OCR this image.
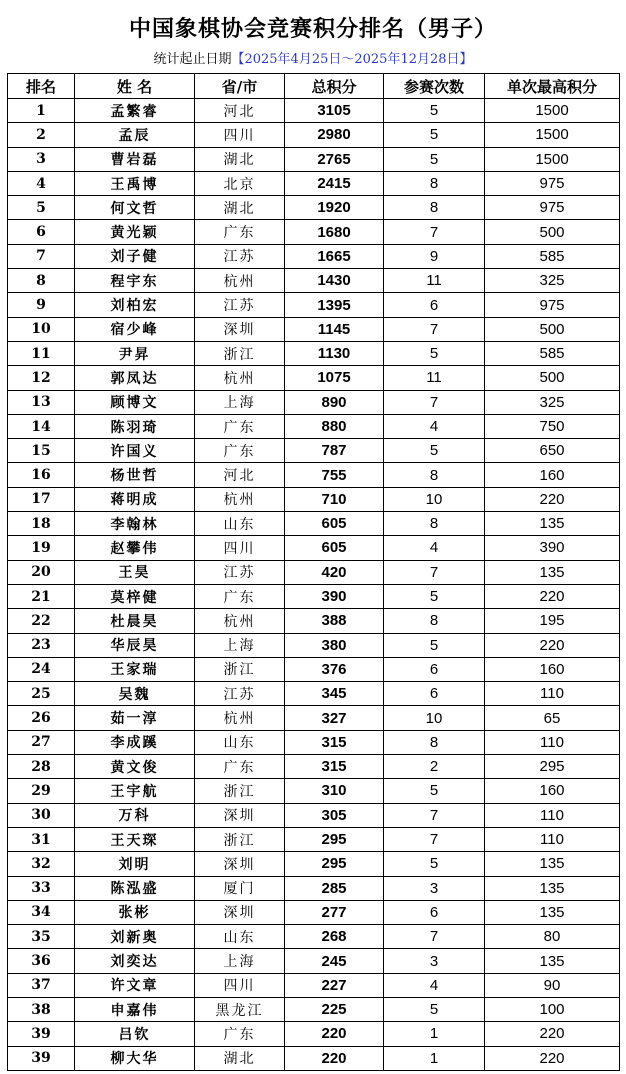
中国象棋协会竞赛积分排名（男子）
统计起止日期【2025年4月25日～2025年12月28日】
排名	姓 名	省/市	总积分	参赛次数	单次最高积分
1	孟繁睿	河北	3105	5	1500
2	孟辰	四川	2980	5	1500
3	曹岩磊	湖北	2765	5	1500
4	王禹博	北京	2415	8	975
5	何文哲	湖北	1920	8	975
6	黄光颖	广东	1680	7	500
7	刘子健	江苏	1665	9	585
8	程宇东	杭州	1430	11	325
9	刘柏宏	江苏	1395	6	975
10	宿少峰	深圳	1145	7	500
11	尹昇	浙江	1130	5	585
12	郭凤达	杭州	1075	11	500
13	顾博文	上海	890	7	325
14	陈羽琦	广东	880	4	750
15	许国义	广东	787	5	650
16	杨世哲	河北	755	8	160
17	蒋明成	杭州	710	10	220
18	李翰林	山东	605	8	135
19	赵攀伟	四川	605	4	390
20	王昊	江苏	420	7	135
21	莫梓健	广东	390	5	220
22	杜晨昊	杭州	388	8	195
23	华辰昊	上海	380	5	220
24	王家瑞	浙江	376	6	160
25	吴魏	江苏	345	6	110
26	茹一淳	杭州	327	10	65
27	李成蹊	山东	315	8	110
28	黄文俊	广东	315	2	295
29	王宇航	浙江	310	5	160
30	万科	深圳	305	7	110
31	王天琛	浙江	295	7	110
32	刘明	深圳	295	5	135
33	陈泓盛	厦门	285	3	135
34	张彬	深圳	277	6	135
35	刘新奥	山东	268	7	80
36	刘奕达	上海	245	3	135
37	许文章	四川	227	4	90
38	申嘉伟	黑龙江	225	5	100
39	吕钦	广东	220	1	220
39	柳大华	湖北	220	1	220
